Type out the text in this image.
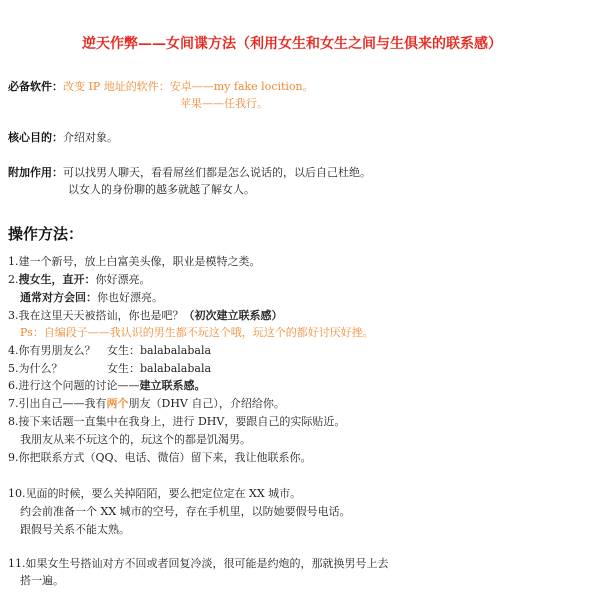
逆天作弊——女间谍方法（利用女生和女生之间与生俱来的联系感）
必备软件：改变 IP 地址的软件：安卓——my fake locition。
苹果——任我行。
核心目的：介绍对象。
附加作用：可以找男人聊天，看看屌丝们都是怎么说话的，以后自己杜绝。
以女人的身份聊的越多就越了解女人。
操作方法：
1.建一个新号，放上白富美头像，职业是模特之类。
2.搜女生，直开：你好漂亮。
通常对方会回：你也好漂亮。
3.我在这里天天被搭讪，你也是吧？（初次建立联系感）
Ps：自编段子——我认识的男生都不玩这个哦，玩这个的都好讨厌好挫。
4.你有男朋友么？ 女生：balabalabala
5.为什么？	女生：balabalabala
6.进行这个问题的讨论——建立联系感。
7.引出自己——我有两个朋友（DHV 自己），介绍给你。
8.接下来话题一直集中在我身上，进行 DHV，要跟自己的实际贴近。
我朋友从来不玩这个的，玩这个的都是饥渴男。
9.你把联系方式（QQ、电话、微信）留下来，我让他联系你。
10.见面的时候，要么关掉陌陌，要么把定位定在 XX 城市。
约会前准备一个 XX 城市的空号，存在手机里，以防她要假号电话。
跟假号关系不能太熟。
11.如果女生号搭讪对方不回或者回复冷淡，很可能是约炮的，那就换男号上去
搭一遍。
